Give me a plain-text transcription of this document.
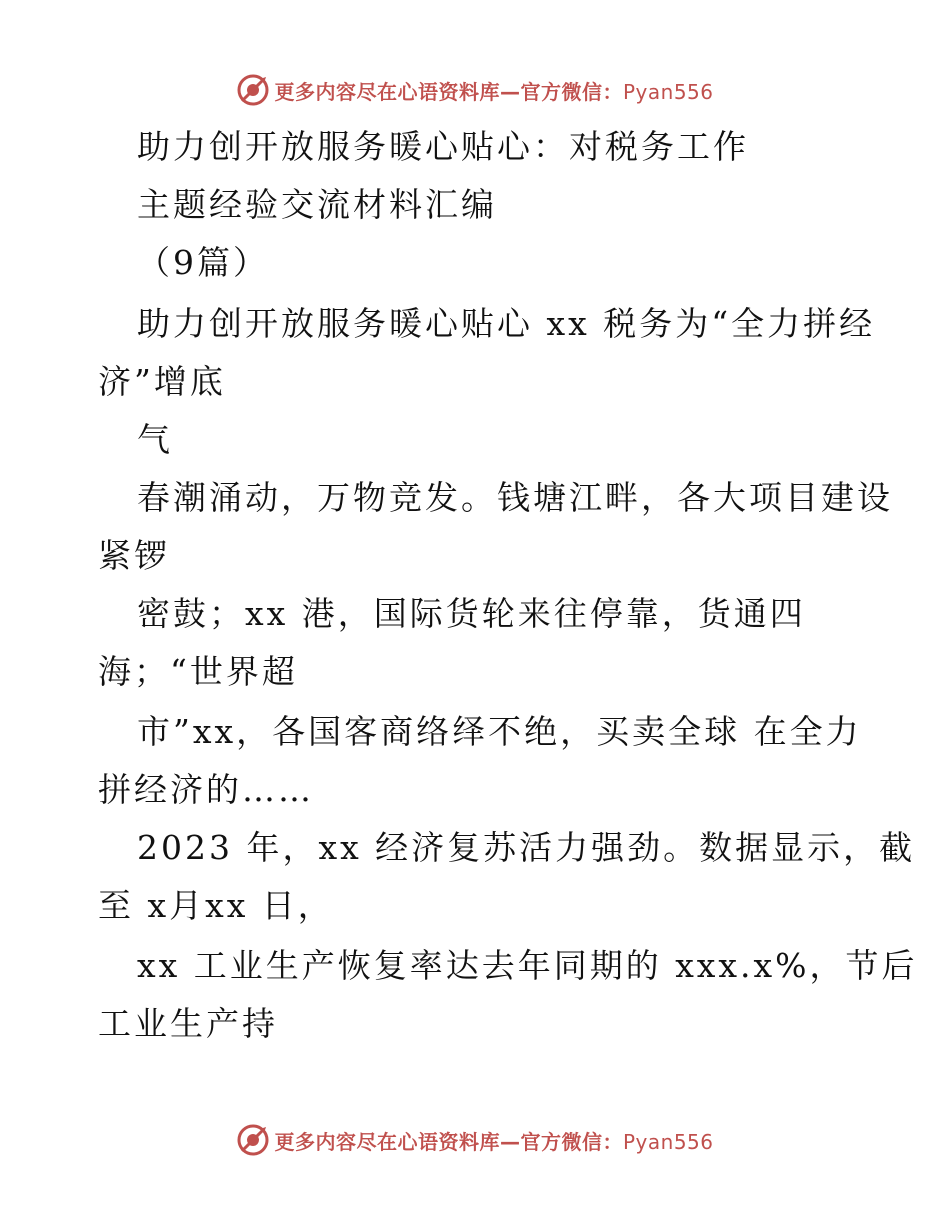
更多内容尽在心语资料库—官方微信：Pyan556
助力创开放服务暖心贴心：对税务工作
主题经验交流材料汇编
（9篇）
助力创开放服务暖心贴心 xx 税务为“全力拼经
济”增底
气
春潮涌动，万物竞发。钱塘江畔，各大项目建设
紧锣
密鼓；xx 港，国际货轮来往停靠，货通四
海；“世界超
市”xx，各国客商络绎不绝，买卖全球 在全力
拼经济的……
2023 年，xx 经济复苏活力强劲。数据显示，截
至 x月xx 日，
xx 工业生产恢复率达去年同期的 xxx.x%，节后
工业生产持
更多内容尽在心语资料库—官方微信：Pyan556
